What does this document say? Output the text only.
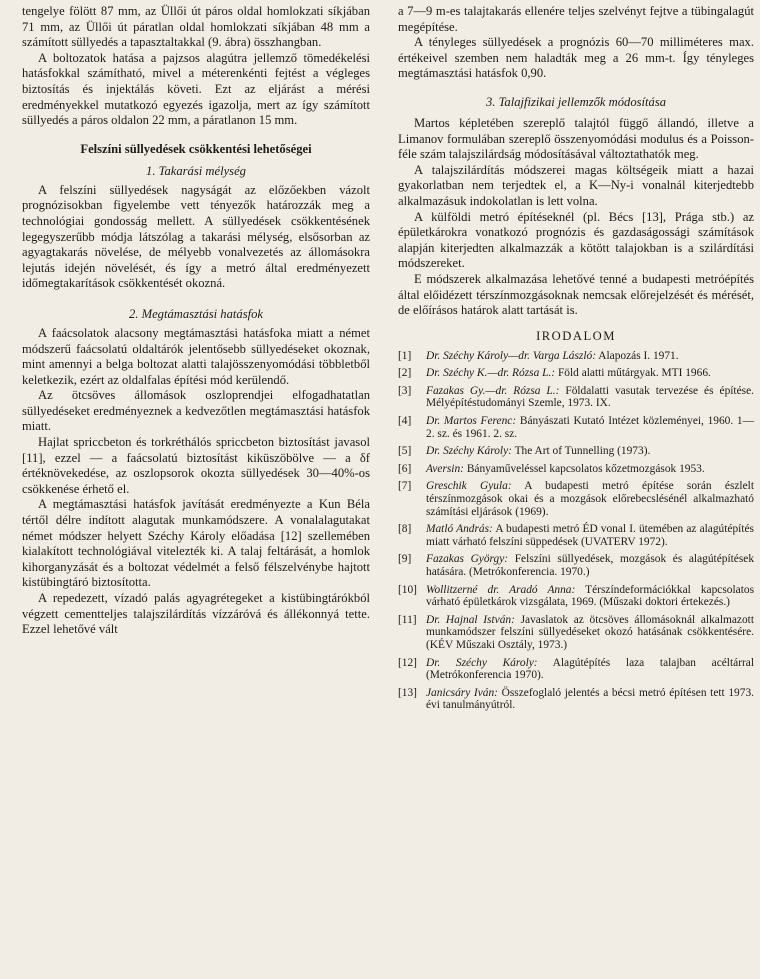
tengelye fölött 87 mm, az Üllői út páros oldal homlokzati síkjában 71 mm, az Üllői út páratlan oldal homlokzati síkjában 48 mm a számított süllyedés a tapasztaltakkal (9. ábra) összhangban.

A boltozatok hatása a pajzsos alagútra jellemző tömedékelési hatásfokkal számítható, mivel a méterenkénti fejtést a végleges biztosítás és injektálás követi. Ezt az eljárást a mérési eredményekkel mutatkozó egyezés igazolja, mert az így számított süllyedés a páros oldalon 22 mm, a páratlanon 15 mm.

Felszíni süllyedések csökkentési lehetőségei
1. Takarási mélység

A felszíni süllyedések nagyságát az előzőekben vázolt prognózisokban figyelembe vett tényezők határozzák meg a technológiai gondosság mellett. A süllyedések csökkentésének legegyszerűbb módja látszólag a takarási mélység, elsősorban az agyagtakarás növelése, de mélyebb vonalvezetés az állomásokra lejutás idején növelését, és így a metró által eredményezett időmegtakarítások csökkentését okozná.

2. Megtámasztási hatásfok

A faácsolatok alacsony megtámasztási hatásfoka miatt a német módszerű faácsolatú oldaltárók jelentősebb süllyedéseket okoznak, mint amennyi a belga boltozat alatti talajösszenyomódási többletből keletkezik, ezért az oldalfalas építési mód kerülendő.

Az ötcsöves állomások oszloprendjei elfogadhatatlan süllyedéseket eredményeznek a kedvezőtlen megtámasztási hatásfok miatt.

Hajlat spriccbeton és torkréthálós spriccbeton biztosítást javasol [11], ezzel — a faácsolatú biztosítást kiküszöbölve — a δf értéknövekedése, az oszlopsorok okozta süllyedések 30—40%-os csökkenése érhető el.

A megtámasztási hatásfok javítását eredményezte a Kun Béla tértől délre indított alagutak munkamódszere. A vonalalagutakat német módszer helyett Széchy Károly előadása [12] szellemében kialakított technológiával vitelezték ki. A talaj feltárását, a homlok kihorganyzását és a boltozat védelmét a felső félszelvénybe hajtott kistübingtáró biztosította.

A repedezett, vízadó palás agyagrétegeket a kistübingtárókból végzett cementteljes talajszilárdítás vízzáróvá és állékonnyá tette. Ezzel lehetővé vált

a 7—9 m-es talajtakarás ellenére teljes szelvényt fejtve a tübingalagút megépítése.

A tényleges süllyedések a prognózis 60—70 milliméteres max. értékeivel szemben nem haladták meg a 26 mm-t. Így tényleges megtámasztási hatásfok 0,90.

3. Talajfizikai jellemzők módosítása

Martos képletében szereplő talajtól függő állandó, illetve a Limanov formulában szereplő összenyomódási modulus és a Poisson-féle szám talajszilárdság módosításával változtathatók meg.

A talajszilárdítás módszerei magas költségeik miatt a hazai gyakorlatban nem terjedtek el, a K—Ny-i vonalnál kiterjedtebb alkalmazásuk indokolatlan is lett volna.

A külföldi metró építéseknél (pl. Bécs [13], Prága stb.) az épületkárokra vonatkozó prognózis és gazdaságossági számítások alapján kiterjedten alkalmazzák a kötött talajokban is a szilárdítási módszereket.

E módszerek alkalmazása lehetővé tenné a budapesti metróépítés által előidézett térszínmozgásoknak nemcsak előrejelzését és mérését, de előírásos határok alatt tartását is.

IRODALOM
[1]	Dr. Széchy Károly—dr. Varga László: Alapozás I. 1971.
[2]	Dr. Széchy K.—dr. Rózsa L.: Föld alatti műtárgyak. MTI 1966.
[3]	Fazakas Gy.—dr. Rózsa L.: Földalatti vasutak tervezése és építése. Mélyépítéstudományi Szemle, 1973. IX.
[4]	Dr. Martos Ferenc: Bányászati Kutató Intézet közleményei, 1960. 1—2. sz. és 1961. 2. sz.
[5]	Dr. Széchy Károly: The Art of Tunnelling (1973).
[6]	Aversin: Bányaműveléssel kapcsolatos kőzetmozgások 1953.
[7]	Greschik Gyula: A budapesti metró építése során észlelt térszínmozgások okai és a mozgások előrebecslésénél alkalmazható számítási eljárások (1969).
[8]	Matló András: A budapesti metró ÉD vonal I. ütemében az alagútépítés miatt várható felszíni süppedések (UVATERV 1972).
[9]	Fazakas György: Felszíni süllyedések, mozgások és alagútépítések hatására. (Metrókonferencia. 1970.)
[10] Wollitzerné dr. Aradó Anna: Térszíndeformációkkal kapcsolatos várható épületkárok vizsgálata, 1969. (Műszaki doktori értekezés.)
[11] Dr. Hajnal István: Javaslatok az ötcsöves állomásoknál alkalmazott munkamódszer felszíni süllyedéseket okozó hatásának csökkentésére. (KÉV Műszaki Osztály, 1973.)
[12] Dr. Széchy Károly: Alagútépítés laza talajban acéltárral (Metrókonferencia 1970).
[13] Janicsáry Iván: Összefoglaló jelentés a bécsi metró építésen tett 1973. évi tanulmányútról.
